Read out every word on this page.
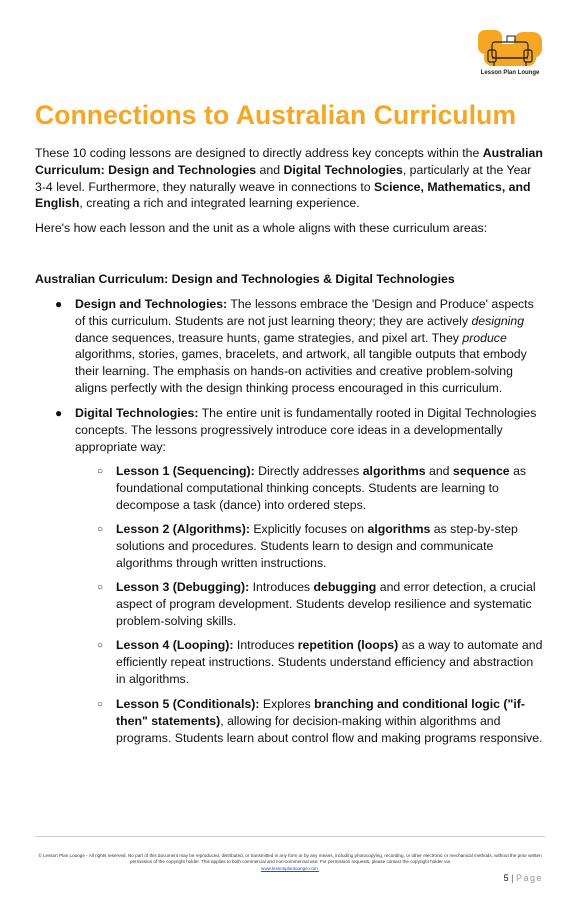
Lesson Plan Lounge
Connections to Australian Curriculum
These 10 coding lessons are designed to directly address key concepts within the Australian Curriculum: Design and Technologies and Digital Technologies, particularly at the Year 3-4 level. Furthermore, they naturally weave in connections to Science, Mathematics, and English, creating a rich and integrated learning experience.
Here's how each lesson and the unit as a whole aligns with these curriculum areas:
Australian Curriculum: Design and Technologies & Digital Technologies
● Design and Technologies: The lessons embrace the 'Design and Produce' aspects of this curriculum. Students are not just learning theory; they are actively designing dance sequences, treasure hunts, game strategies, and pixel art. They produce algorithms, stories, games, bracelets, and artwork, all tangible outputs that embody their learning. The emphasis on hands-on activities and creative problem-solving aligns perfectly with the design thinking process encouraged in this curriculum.
● Digital Technologies: The entire unit is fundamentally rooted in Digital Technologies concepts. The lessons progressively introduce core ideas in a developmentally appropriate way:
○ Lesson 1 (Sequencing): Directly addresses algorithms and sequence as foundational computational thinking concepts. Students are learning to decompose a task (dance) into ordered steps.
○ Lesson 2 (Algorithms): Explicitly focuses on algorithms as step-by-step solutions and procedures. Students learn to design and communicate algorithms through written instructions.
○ Lesson 3 (Debugging): Introduces debugging and error detection, a crucial aspect of program development. Students develop resilience and systematic problem-solving skills.
○ Lesson 4 (Looping): Introduces repetition (loops) as a way to automate and efficiently repeat instructions. Students understand efficiency and abstraction in algorithms.
○ Lesson 5 (Conditionals): Explores branching and conditional logic ("if-then" statements), allowing for decision-making within algorithms and programs. Students learn about control flow and making programs responsive.
© Lesson Plan Lounge - All rights reserved. No part of this document may be reproduced, distributed, or transmitted in any form or by any means, including photocopying, recording, or other electronic or mechanical methods, without the prior written permission of the copyright holder. This applies to both commercial and non-commercial use. For permission requests, please contact the copyright holder via
www.lessonplanlounge.com.
5 | Page
